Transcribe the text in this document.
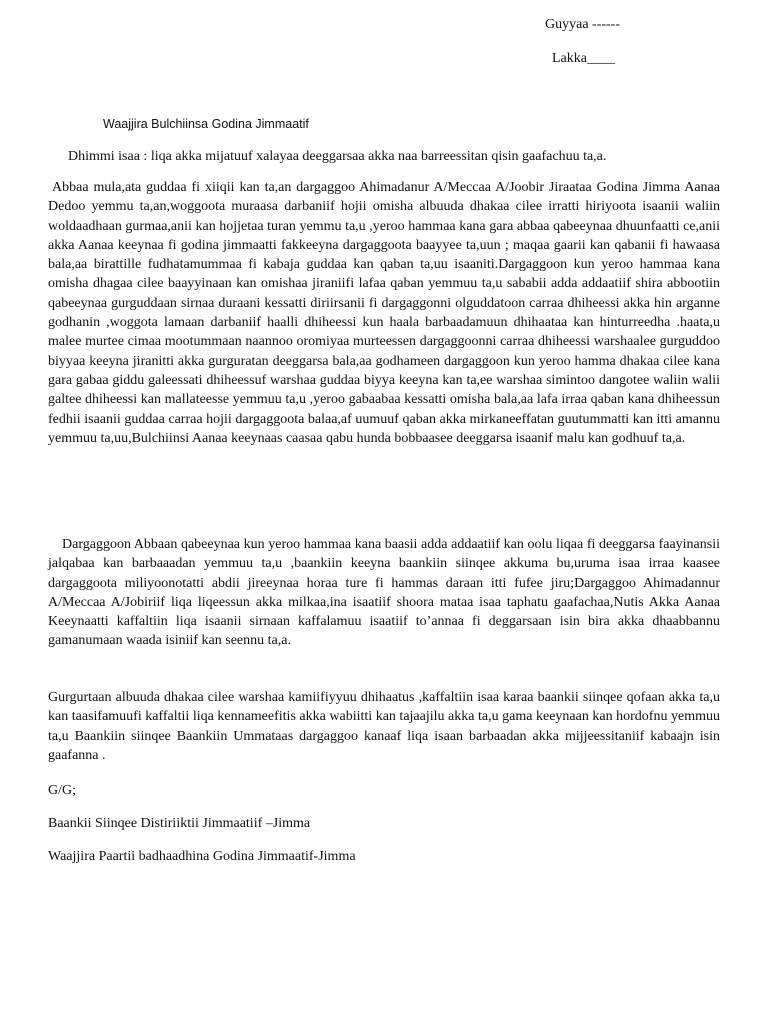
Guyyaa ------
Lakka____
Waajjira Bulchiinsa Godina Jimmaatif
Dhimmi isaa : liqa akka mijatuuf xalayaa deeggarsaa akka naa barreessitan qisin gaafachuu ta,a.

Abbaa mula,ata guddaa fi xiiqii kan ta,an dargaggoo Ahimadanur A/Meccaa A/Joobir Jiraataa Godina Jimma Aanaa Dedoo yemmu ta,an,woggoota muraasa darbaniif hojii omisha albuuda dhakaa cilee irratti hiriyoota isaanii waliin woldaadhaan gurmaa,anii kan hojjetaa turan yemmu ta,u ,yeroo hammaa kana gara abbaa qabeeynaa dhuunfaatti ce,anii akka Aanaa keeynaa fi godina jimmaatti fakkeeyna dargaggoota baayyee ta,uun ; maqaa gaarii kan qabanii fi hawaasa bala,aa birattille fudhatamummaa fi kabaja guddaa kan qaban ta,uu isaaniti.Dargaggoon kun yeroo hammaa kana omisha dhagaa cilee baayyinaan kan omishaa jiraniifi lafaa qaban yemmuu ta,u sababii adda addaatiif shira abbootiin qabeeynaa gurguddaan sirnaa duraani kessatti diriirsanii fi dargaggonni olguddatoon carraa dhiheessi akka hin arganne godhanin ,woggota lamaan darbaniif haalli dhiheessi kun haala barbaadamuun dhihaataa kan hinturreedha .haata,u malee murtee cimaa mootummaan naannoo oromiyaa murteessen dargaggoonni carraa dhiheessi warshaalee gurguddoo biyyaa keeyna jiranitti akka gurguratan deeggarsa bala,aa godhameen dargaggoon kun yeroo hamma dhakaa cilee kana gara gabaa giddu galeessati dhiheessuf warshaa guddaa biyya keeyna kan ta,ee warshaa simintoo dangotee waliin walii galtee dhiheessi kan mallateesse yemmuu ta,u ,yeroo gabaabaa kessatti omisha bala,aa lafa irraa qaban kana dhiheessun fedhii isaanii guddaa carraa hojii dargaggoota balaa,af uumuuf qaban akka mirkaneeffatan guutummatti kan itti amannu yemmuu ta,uu,Bulchiinsi Aanaa keeynaas caasaa qabu hunda bobbaasee deeggarsa isaanif malu kan godhuuf ta,a.

Dargaggoon Abbaan qabeeynaa kun yeroo hammaa kana baasii adda addaatiif kan oolu liqaa fi deeggarsa faayinansii jalqabaa kan barbaaadan yemmuu ta,u ,baankiin keeyna baankiin siinqee akkuma bu,uruma isaa irraa kaasee dargaggoota miliyoonotatti abdii jireeynaa horaa ture fi hammas daraan itti fufee jiru;Dargaggoo Ahimadannur A/Meccaa A/Jobiriif liqa liqeessun akka milkaa,ina isaatiif shoora mataa isaa taphatu gaafachaa,Nutis Akka Aanaa Keeynaatti kaffaltiin liqa isaanii sirnaan kaffalamuu isaatiif to’annaa fi deggarsaan isin bira akka dhaabbannu gamanumaan waada isiniif kan seennu ta,a.

Gurgurtaan albuuda dhakaa cilee warshaa kamiifiyyuu dhihaatus ,kaffaltiin isaa karaa baankii siinqee qofaan akka ta,u kan taasifamuufi kaffaltii liqa kennameefitis akka wabiitti kan tajaajilu akka ta,u gama keeynaan kan hordofnu yemmuu ta,u Baankiin siinqee Baankiin Ummataas dargaggoo kanaaf liqa isaan barbaadan akka mijjeessitaniif kabaajn isin gaafanna .

G/G;
Baankii Siinqee Distiriiktii Jimmaatiif –Jimma
Waajjira Paartii badhaadhina Godina Jimmaatif-Jimma
